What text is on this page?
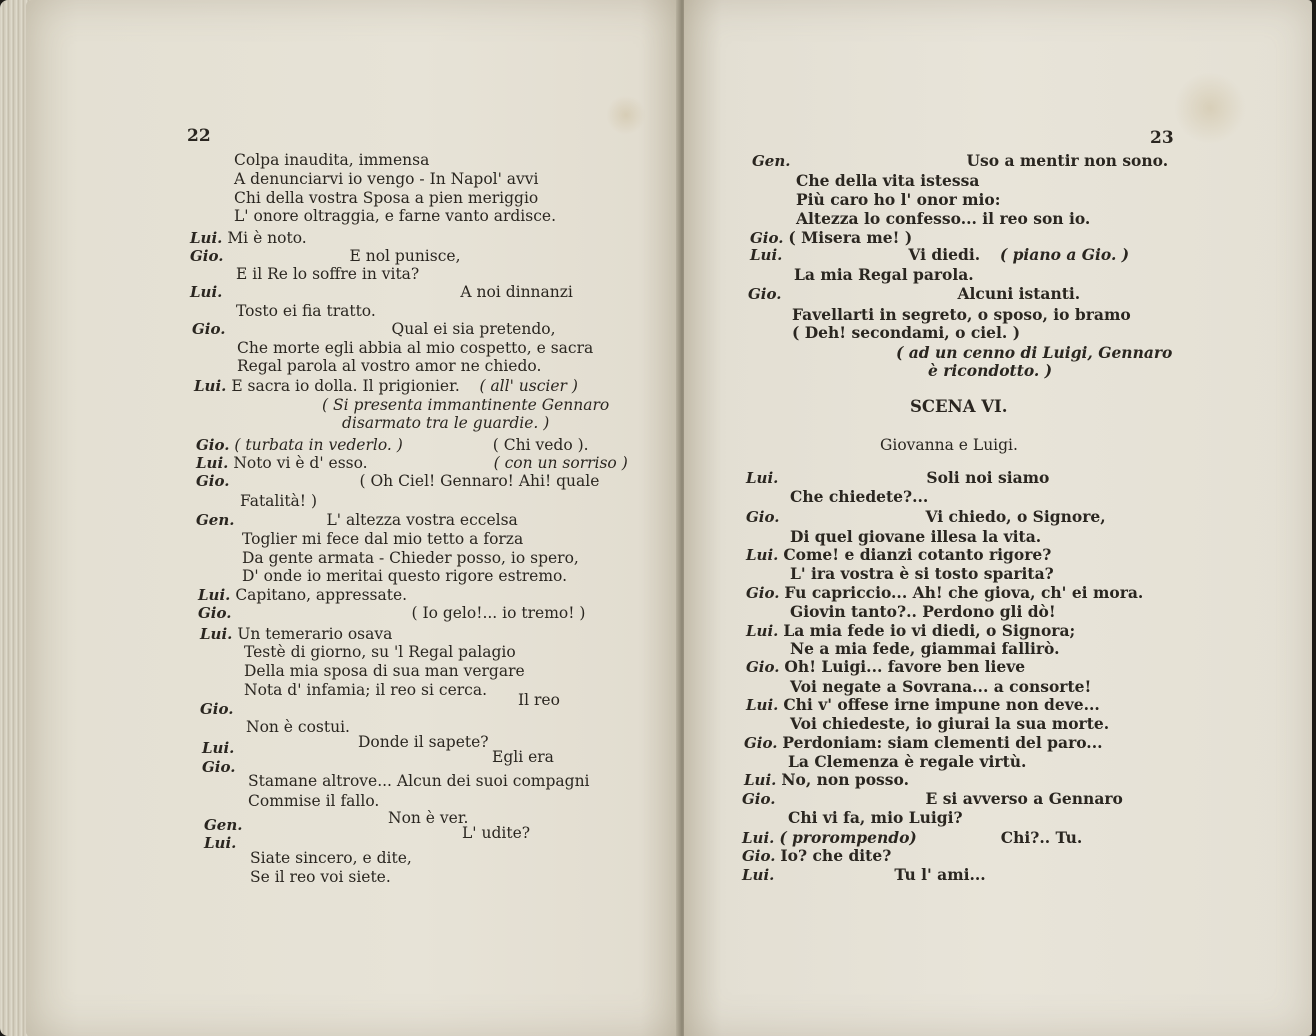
22
Colpa inaudita, immensa
A denunciarvi io vengo - In Napol' avvi
Chi della vostra Sposa a pien meriggio
L' onore oltraggia, e farne vanto ardisce.
Lui. Mi è noto.
Gio.	E nol punisce,
E il Re lo soffre in vita?
Lui.	A noi dinnanzi
Tosto ei fia tratto.
Gio.	Qual ei sia pretendo,
Che morte egli abbia al mio cospetto, e sacra
Regal parola al vostro amor ne chiedo.
Lui. E sacra io dolla. Il prigionier. ( all' uscier )
( Si presenta immantinente Gennaro
disarmato tra le guardie. )
Gio. ( turbata in vederlo. )	( Chi vedo ).
Lui. Noto vi è d' esso.	( con un sorriso )
Gio.	( Oh Ciel! Gennaro! Ahi! quale
Fatalità! )
Gen.	L' altezza vostra eccelsa
Toglier mi fece dal mio tetto a forza
Da gente armata - Chieder posso, io spero,
D' onde io meritai questo rigore estremo.
Lui. Capitano, appressate.
Gio.	( Io gelo!... io tremo! )
Lui. Un temerario osava
Testè di giorno, su 'l Regal palagio
Della mia sposa di sua man vergare
Nota d' infamia; il reo si cerca.
Il reo
Gio.
Non è costui.
Donde il sapete?
Lui.	Egli era
Gio.
Stamane altrove... Alcun dei suoi compagni
Commise il fallo.
Non è ver.
Gen.	L' udite?
Lui.
Siate sincero, e dite,
Se il reo voi siete.
23
Gen.	Uso a mentir non sono.
Che della vita istessa
Più caro ho l' onor mio:
Altezza lo confesso... il reo son io.
Gio. ( Misera me! )
Lui.	Vi diedi. ( piano a Gio. )
La mia Regal parola.
Gio.	Alcuni istanti.
Favellarti in segreto, o sposo, io bramo
( Deh! secondami, o ciel. )
( ad un cenno di Luigi, Gennaro
è ricondotto. )
SCENA VI.
Giovanna e Luigi.
Lui.	Soli noi siamo
Che chiedete?...
Gio.	Vi chiedo, o Signore,
Di quel giovane illesa la vita.
Lui. Come! e dianzi cotanto rigore?
L' ira vostra è si tosto sparita?
Gio. Fu capriccio... Ah! che giova, ch' ei mora.
Giovin tanto?.. Perdono gli dò!
Lui. La mia fede io vi diedi, o Signora;
Ne a mia fede, giammai fallirò.
Gio. Oh! Luigi... favore ben lieve
Voi negate a Sovrana... a consorte!
Lui. Chi v' offese irne impune non deve...
Voi chiedeste, io giurai la sua morte.
Gio. Perdoniam: siam clementi del paro...
La Clemenza è regale virtù.
Lui. No, non posso.
Gio.	E si avverso a Gennaro
Chi vi fa, mio Luigi?
Lui. ( prorompendo)	Chi?.. Tu.
Gio. Io? che dite?
Lui.	Tu l' ami...
